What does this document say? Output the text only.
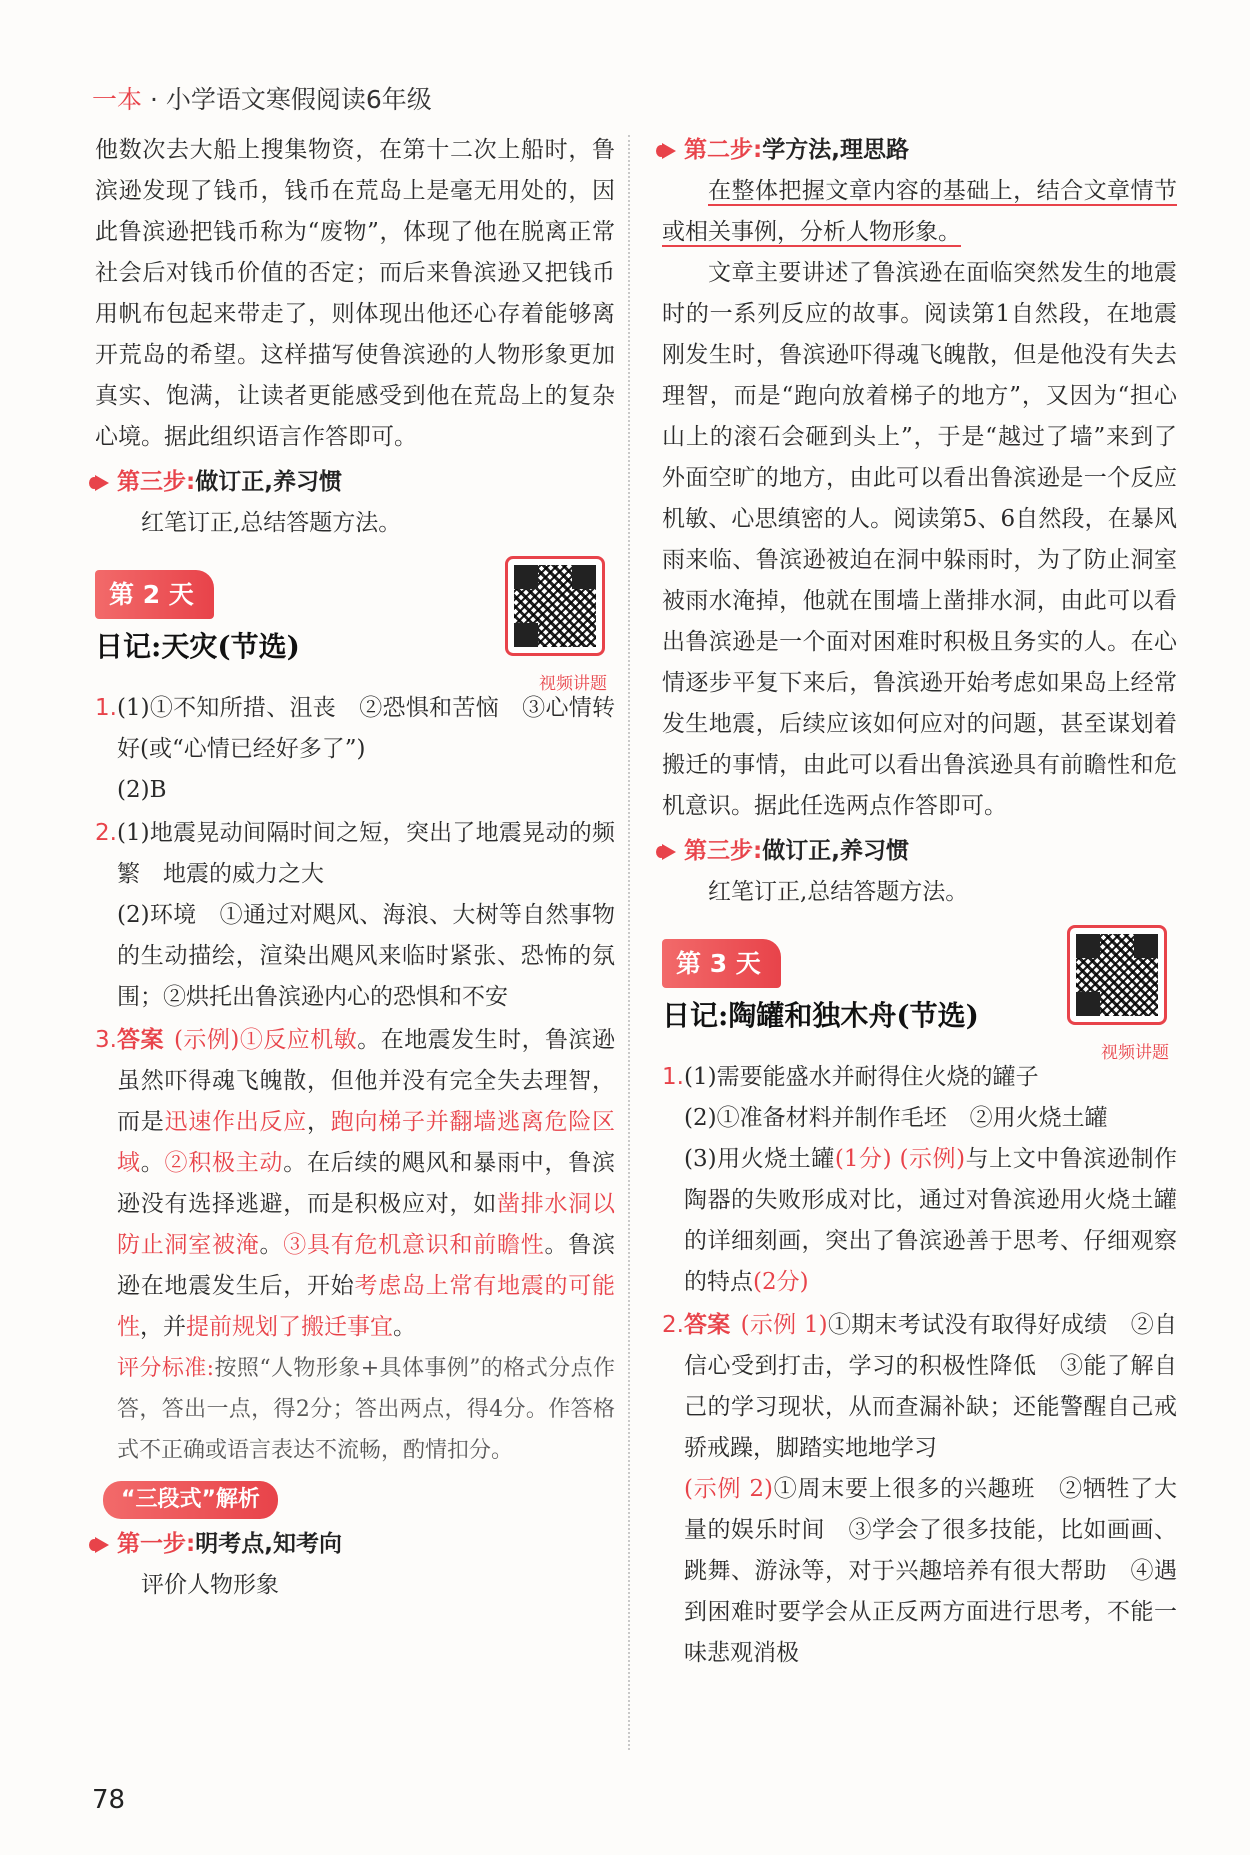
一本 · 小学语文寒假阅读6年级

他数次去大船上搜集物资，在第十二次上船时，鲁滨逊发现了钱币，钱币在荒岛上是毫无用处的，因此鲁滨逊把钱币称为“废物”，体现了他在脱离正常社会后对钱币价值的否定；而后来鲁滨逊又把钱币用帆布包起来带走了，则体现出他还心存着能够离开荒岛的希望。这样描写使鲁滨逊的人物形象更加真实、饱满，让读者更能感受到他在荒岛上的复杂心境。据此组织语言作答即可。

第三步: 做订正,养习惯
红笔订正,总结答题方法。
第 2 天
日记:天灾(节选)
视频讲题
1. (1)①不知所措、沮丧　②恐惧和苦恼　③心情转好(或“心情已经好多了”)
(2)B
2. (1)地震晃动间隔时间之短，突出了地震晃动的频繁　地震的威力之大
(2)环境　①通过对飓风、海浪、大树等自然事物的生动描绘，渲染出飓风来临时紧张、恐怖的氛围；②烘托出鲁滨逊内心的恐惧和不安
3. 答案 (示例)①反应机敏。在地震发生时，鲁滨逊虽然吓得魂飞魄散，但他并没有完全失去理智，而是迅速作出反应，跑向梯子并翻墙逃离危险区域。②积极主动。在后续的飓风和暴雨中，鲁滨逊没有选择逃避，而是积极应对，如凿排水洞以防止洞室被淹。③具有危机意识和前瞻性。鲁滨逊在地震发生后，开始考虑岛上常有地震的可能性，并提前规划了搬迁事宜。
评分标准:按照“人物形象+具体事例”的格式分点作答，答出一点，得2分；答出两点，得4分。作答格式不正确或语言表达不流畅，酌情扣分。
“三段式”解析
第一步: 明考点,知考向
评价人物形象
第二步: 学方法,理思路

在整体把握文章内容的基础上，结合文章情节或相关事例，分析人物形象。

文章主要讲述了鲁滨逊在面临突然发生的地震时的一系列反应的故事。阅读第1自然段，在地震刚发生时，鲁滨逊吓得魂飞魄散，但是他没有失去理智，而是“跑向放着梯子的地方”，又因为“担心山上的滚石会砸到头上”，于是“越过了墙”来到了外面空旷的地方，由此可以看出鲁滨逊是一个反应机敏、心思缜密的人。阅读第5、6自然段，在暴风雨来临、鲁滨逊被迫在洞中躲雨时，为了防止洞室被雨水淹掉，他就在围墙上凿排水洞，由此可以看出鲁滨逊是一个面对困难时积极且务实的人。在心情逐步平复下来后，鲁滨逊开始考虑如果岛上经常发生地震，后续应该如何应对的问题，甚至谋划着搬迁的事情，由此可以看出鲁滨逊具有前瞻性和危机意识。据此任选两点作答即可。

第三步: 做订正,养习惯
红笔订正,总结答题方法。
第 3 天
日记:陶罐和独木舟(节选)
视频讲题
1. (1)需要能盛水并耐得住火烧的罐子
(2)①准备材料并制作毛坯　②用火烧土罐
(3)用火烧土罐(1分) (示例)与上文中鲁滨逊制作陶器的失败形成对比，通过对鲁滨逊用火烧土罐的详细刻画，突出了鲁滨逊善于思考、仔细观察的特点(2分)
2. 答案 (示例 1)①期末考试没有取得好成绩　②自信心受到打击，学习的积极性降低　③能了解自己的学习现状，从而查漏补缺；还能警醒自己戒骄戒躁，脚踏实地地学习
(示例 2)①周末要上很多的兴趣班　②牺牲了大量的娱乐时间　③学会了很多技能，比如画画、跳舞、游泳等，对于兴趣培养有很大帮助　④遇到困难时要学会从正反两方面进行思考，不能一味悲观消极
78
